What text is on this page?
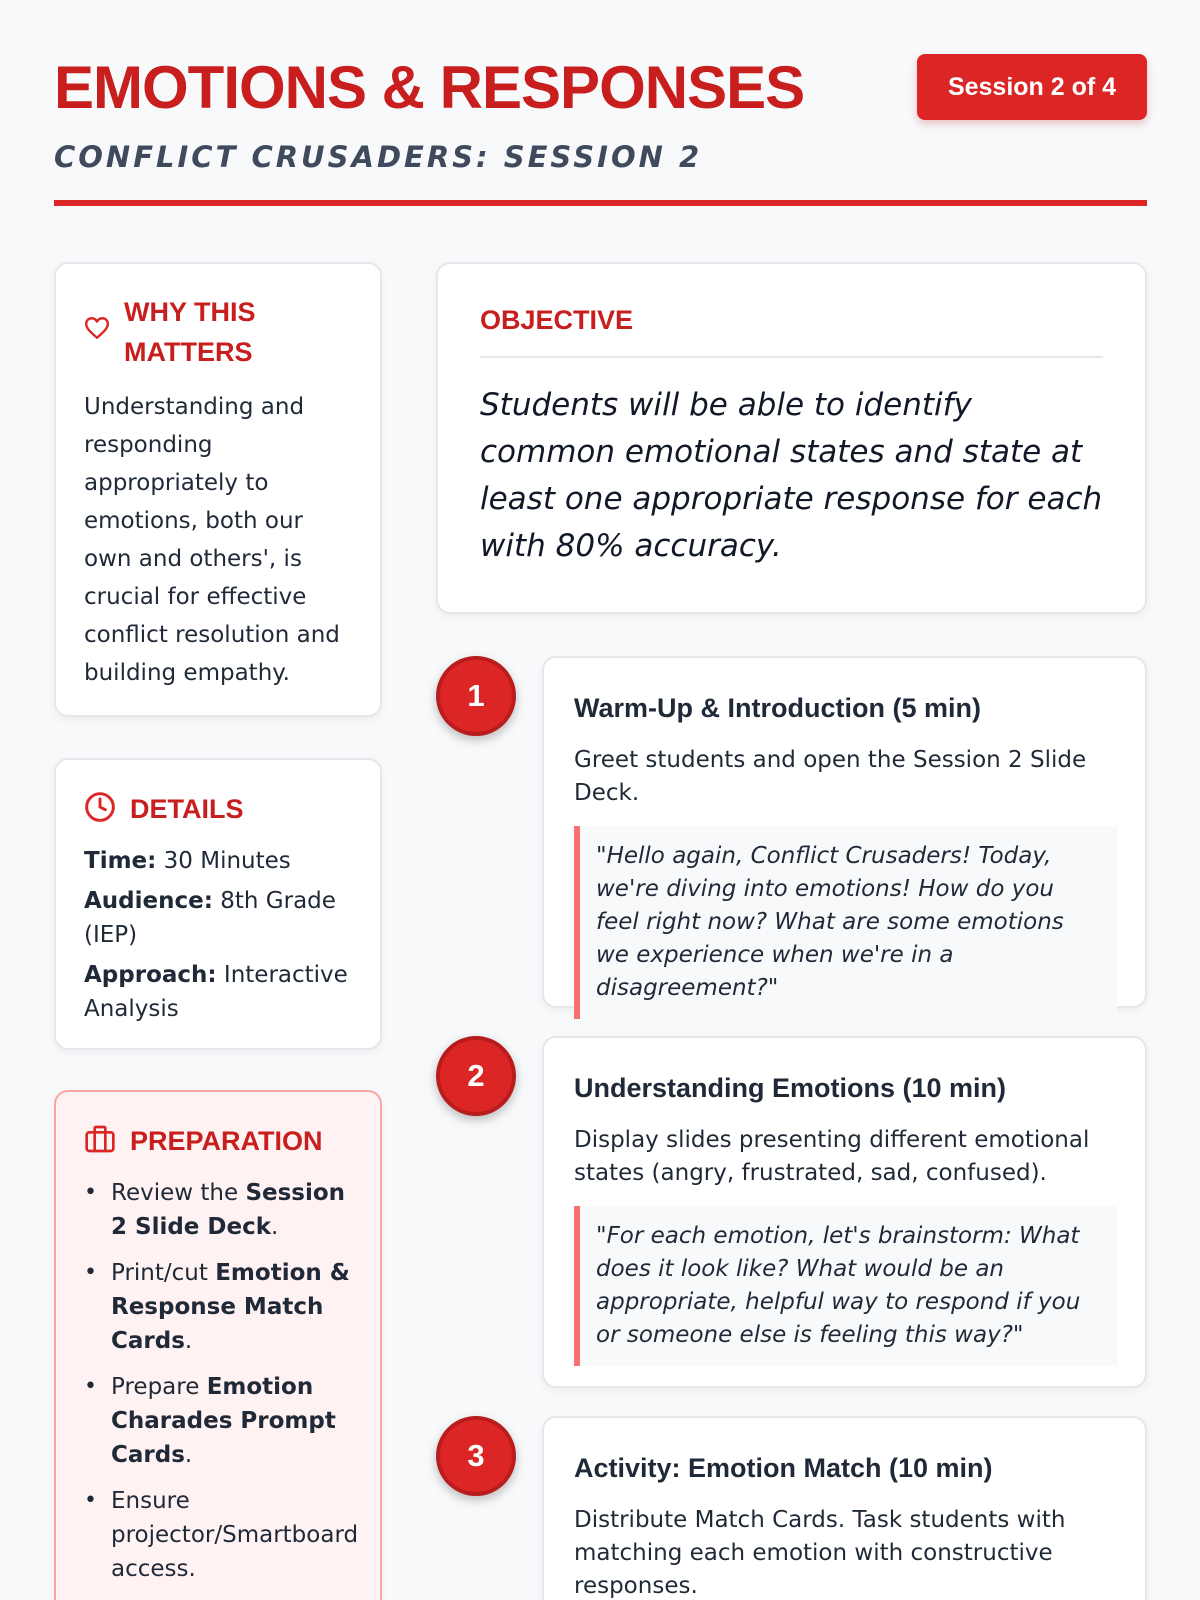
EMOTIONS & RESPONSES
CONFLICT CRUSADERS: SESSION 2
Session 2 of 4
WHY THIS MATTERS

Understanding and responding appropriately to emotions, both our own and others', is crucial for effective conflict resolution and building empathy.

DETAILS
Time: 30 Minutes
Audience: 8th Grade (IEP)
Approach: Interactive Analysis
PREPARATION
• Review the Session 2 Slide Deck.
• Print/cut Emotion & Response Match Cards.
• Prepare Emotion Charades Prompt Cards.
• Ensure projector/Smartboard access.
OBJECTIVE

Students will be able to identify common emotional states and state at least one appropriate response for each with 80% accuracy.

1	Warm-Up & Introduction (5 min)

Greet students and open the Session 2 Slide Deck.

"Hello again, Conflict Crusaders! Today, we're diving into emotions! How do you feel right now? What are some emotions we experience when we're in a disagreement?"
2	Understanding Emotions (10 min)

Display slides presenting different emotional states (angry, frustrated, sad, confused).

"For each emotion, let's brainstorm: What does it look like? What would be an appropriate, helpful way to respond if you or someone else is feeling this way?"
3	Activity: Emotion Match (10 min)

Distribute Match Cards. Task students with matching each emotion with constructive responses.
